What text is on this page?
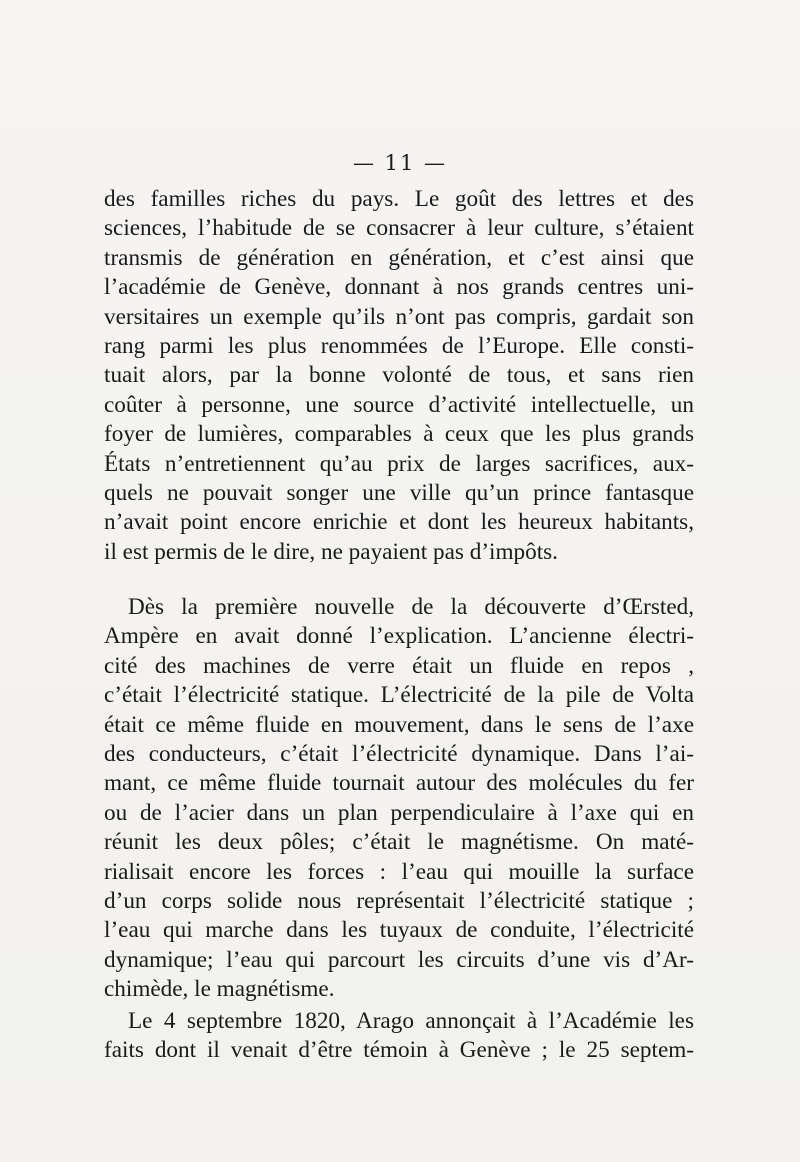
— 11 —
des familles riches du pays. Le goût des lettres et des
sciences, l’habitude de se consacrer à leur culture, s’étaient
transmis de génération en génération, et c’est ainsi que
l’académie de Genève, donnant à nos grands centres uni-
versitaires un exemple qu’ils n’ont pas compris, gardait son
rang parmi les plus renommées de l’Europe. Elle consti-
tuait alors, par la bonne volonté de tous, et sans rien
coûter à personne, une source d’activité intellectuelle, un
foyer de lumières, comparables à ceux que les plus grands
États n’entretiennent qu’au prix de larges sacrifices, aux-
quels ne pouvait songer une ville qu’un prince fantasque
n’avait point encore enrichie et dont les heureux habitants,
il est permis de le dire, ne payaient pas d’impôts.
Dès la première nouvelle de la découverte d’Œrsted,
Ampère en avait donné l’explication. L’ancienne électri-
cité des machines de verre était un fluide en repos ,
c’était l’électricité statique. L’électricité de la pile de Volta
était ce même fluide en mouvement, dans le sens de l’axe
des conducteurs, c’était l’électricité dynamique. Dans l’ai-
mant, ce même fluide tournait autour des molécules du fer
ou de l’acier dans un plan perpendiculaire à l’axe qui en
réunit les deux pôles; c’était le magnétisme. On maté-
rialisait encore les forces : l’eau qui mouille la surface
d’un corps solide nous représentait l’électricité statique ;
l’eau qui marche dans les tuyaux de conduite, l’électricité
dynamique; l’eau qui parcourt les circuits d’une vis d’Ar-
chimède, le magnétisme.
Le 4 septembre 1820, Arago annonçait à l’Académie les
faits dont il venait d’être témoin à Genève ; le 25 septem-
